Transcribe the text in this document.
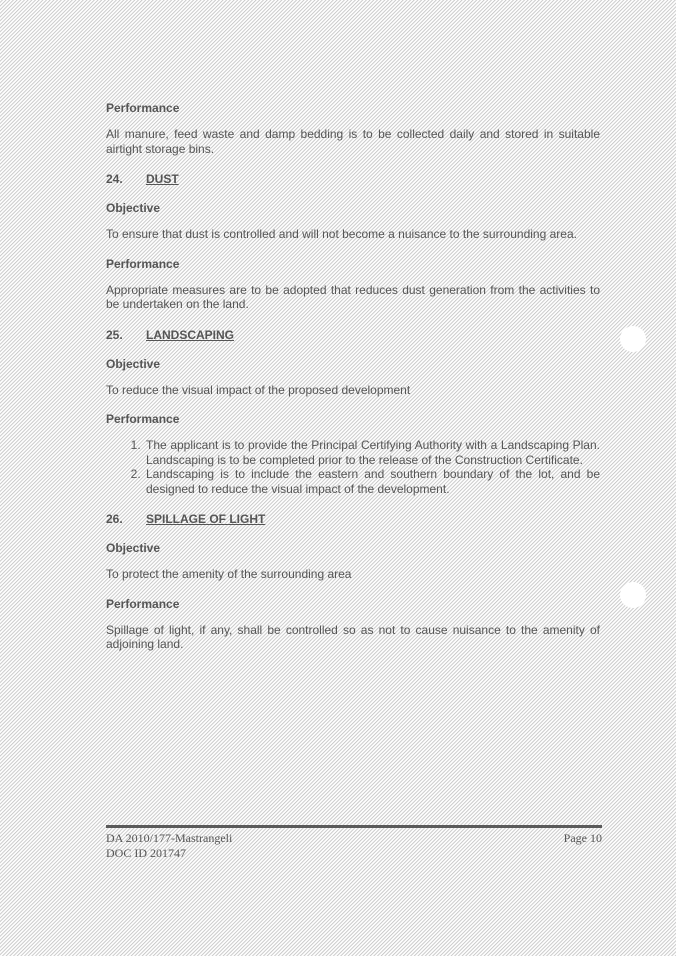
Performance

All manure, feed waste and damp bedding is to be collected daily and stored in suitable airtight storage bins.

24. DUST

Objective

To ensure that dust is controlled and will not become a nuisance to the surrounding area.

Performance

Appropriate measures are to be adopted that reduces dust generation from the activities to be undertaken on the land.

25. LANDSCAPING

Objective

To reduce the visual impact of the proposed development

Performance

1. The applicant is to provide the Principal Certifying Authority with a Landscaping Plan. Landscaping is to be completed prior to the release of the Construction Certificate.
2. Landscaping is to include the eastern and southern boundary of the lot, and be designed to reduce the visual impact of the development.

26. SPILLAGE OF LIGHT

Objective

To protect the amenity of the surrounding area

Performance

Spillage of light, if any, shall be controlled so as not to cause nuisance to the amenity of adjoining land.

DA 2010/177-Mastrangeli	Page 10
DOC ID 201747
